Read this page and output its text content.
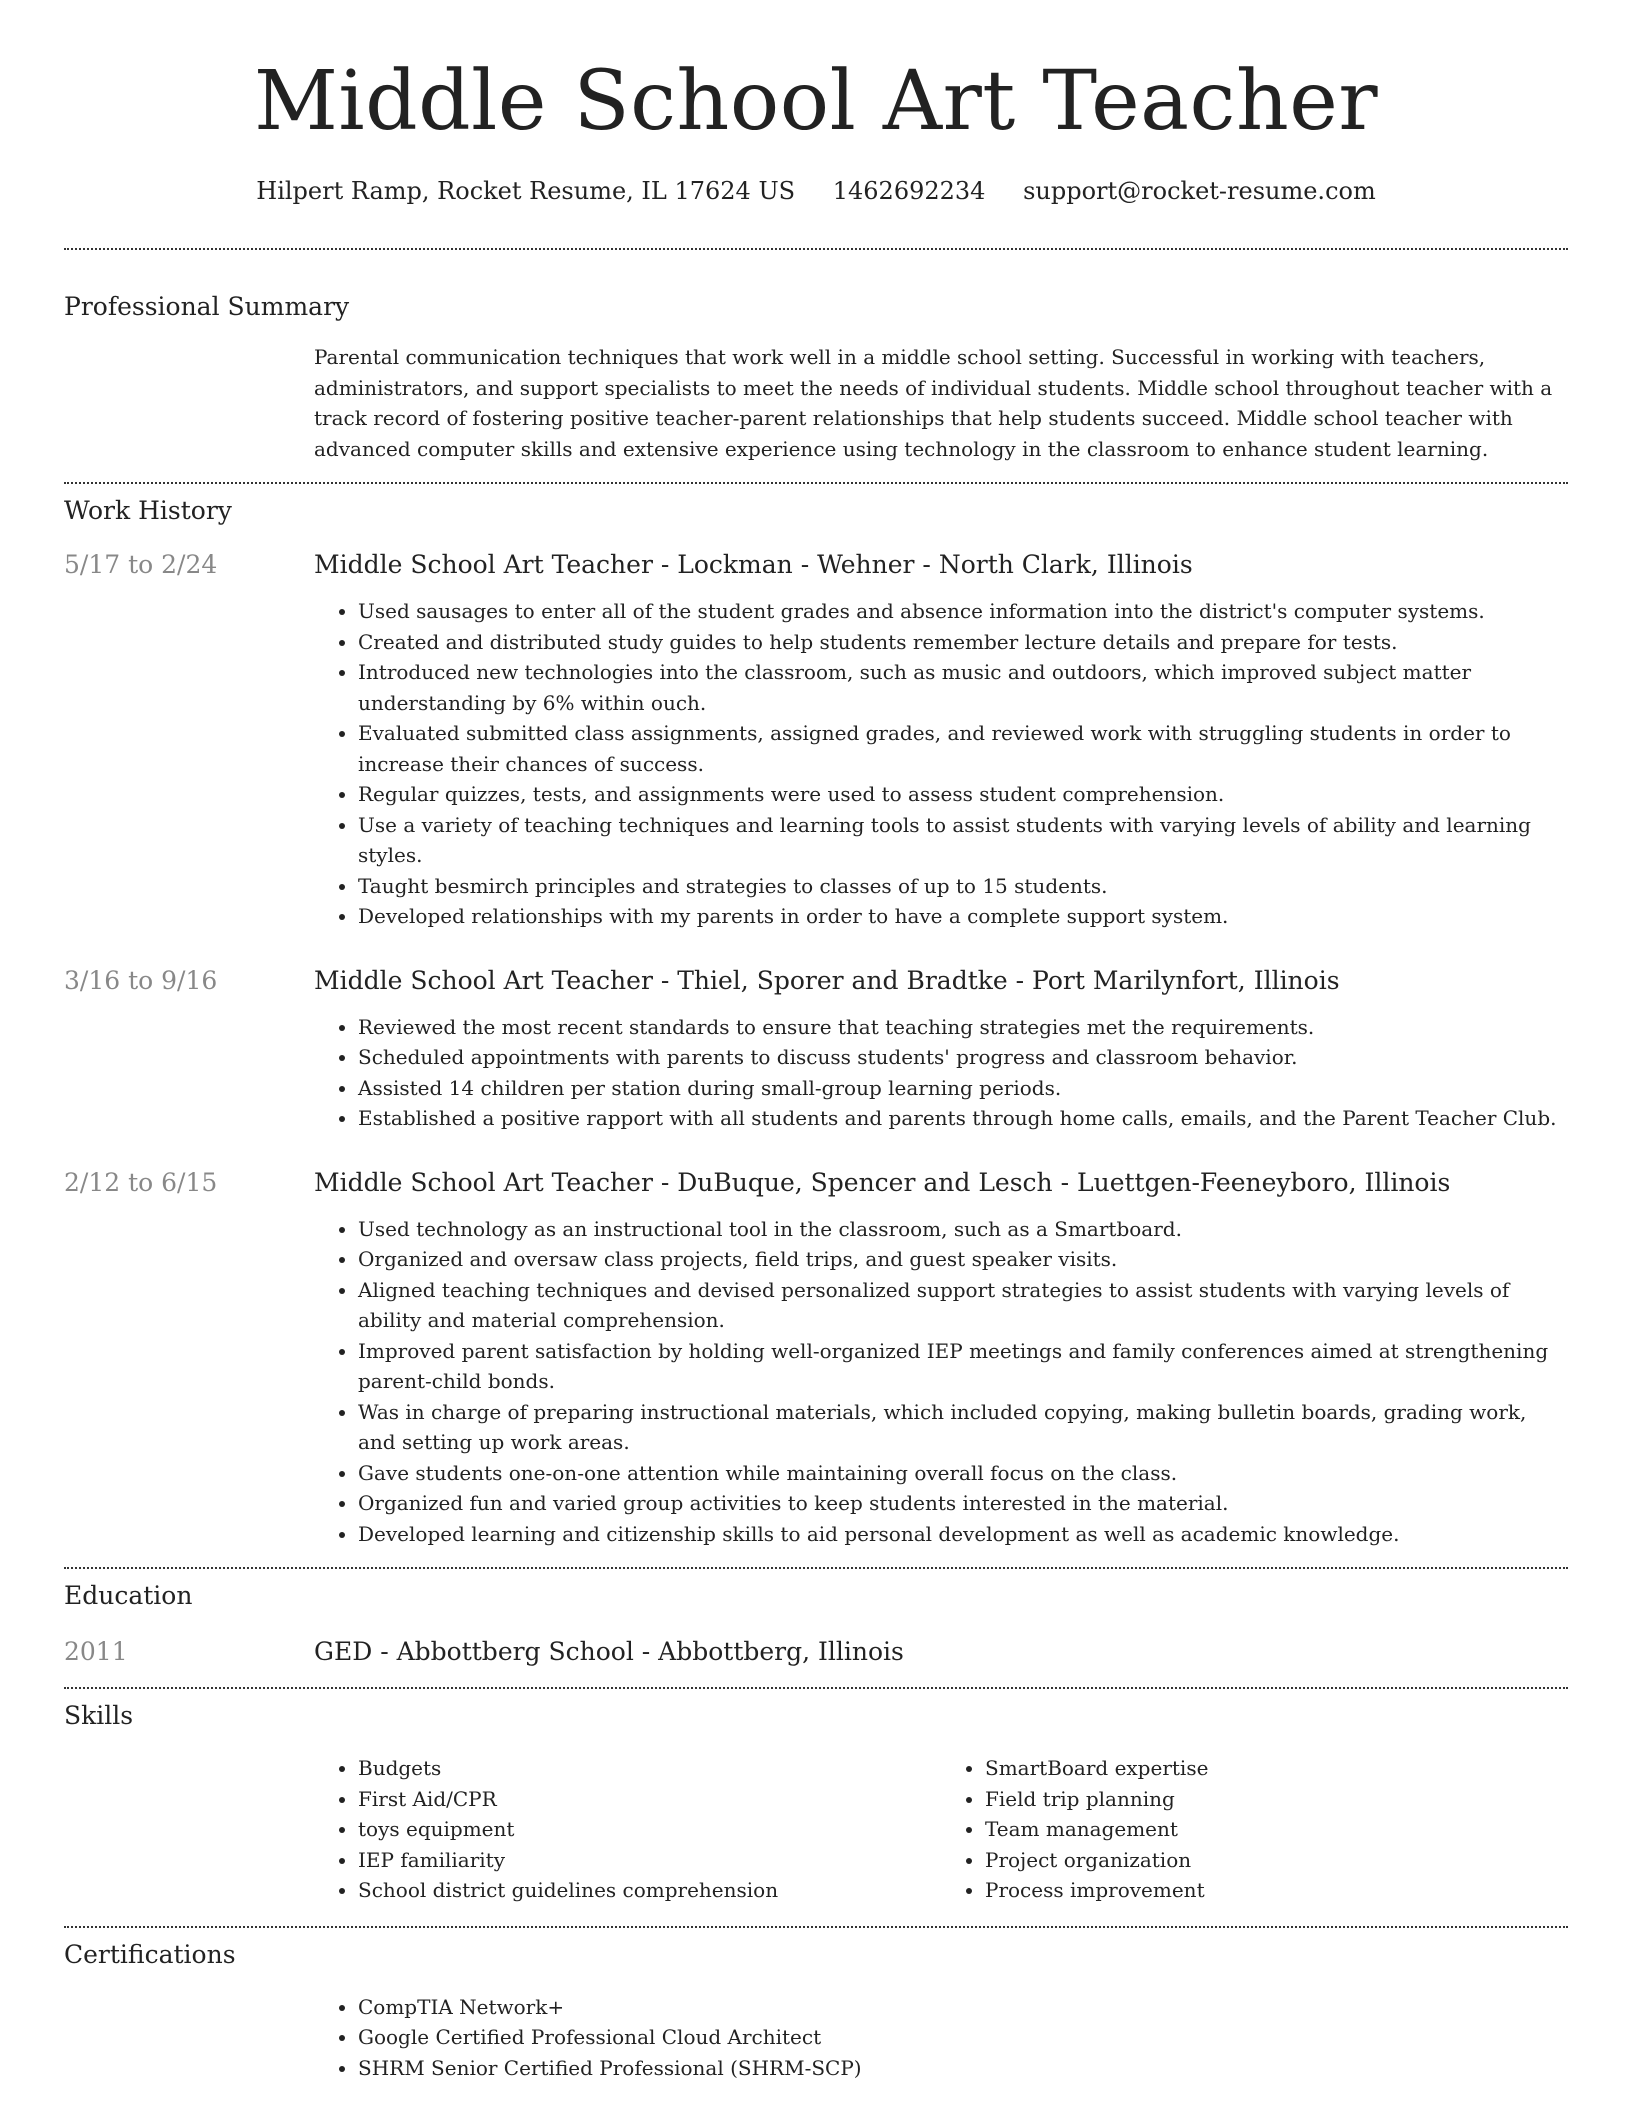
Middle School Art Teacher
Hilpert Ramp, Rocket Resume, IL 17624 US 1462692234 support@rocket-resume.com
Professional Summary

Parental communication techniques that work well in a middle school setting. Successful in working with teachers, administrators, and support specialists to meet the needs of individual students. Middle school throughout teacher with a track record of fostering positive teacher-parent relationships that help students succeed. Middle school teacher with advanced computer skills and extensive experience using technology in the classroom to enhance student learning.

Work History
5/17 to 2/24	Middle School Art Teacher - Lockman - Wehner - North Clark, Illinois
• Used sausages to enter all of the student grades and absence information into the district's computer systems.
• Created and distributed study guides to help students remember lecture details and prepare for tests.
• Introduced new technologies into the classroom, such as music and outdoors, which improved subject matter understanding by 6% within ouch.
• Evaluated submitted class assignments, assigned grades, and reviewed work with struggling students in order to increase their chances of success.
• Regular quizzes, tests, and assignments were used to assess student comprehension.
• Use a variety of teaching techniques and learning tools to assist students with varying levels of ability and learning styles.
• Taught besmirch principles and strategies to classes of up to 15 students.
• Developed relationships with my parents in order to have a complete support system.
3/16 to 9/16	Middle School Art Teacher - Thiel, Sporer and Bradtke - Port Marilynfort, Illinois
• Reviewed the most recent standards to ensure that teaching strategies met the requirements.
• Scheduled appointments with parents to discuss students' progress and classroom behavior.
• Assisted 14 children per station during small-group learning periods.
• Established a positive rapport with all students and parents through home calls, emails, and the Parent Teacher Club.
2/12 to 6/15	Middle School Art Teacher - DuBuque, Spencer and Lesch - Luettgen-Feeneyboro, Illinois
• Used technology as an instructional tool in the classroom, such as a Smartboard.
• Organized and oversaw class projects, field trips, and guest speaker visits.
• Aligned teaching techniques and devised personalized support strategies to assist students with varying levels of ability and material comprehension.
• Improved parent satisfaction by holding well-organized IEP meetings and family conferences aimed at strengthening parent-child bonds.
• Was in charge of preparing instructional materials, which included copying, making bulletin boards, grading work, and setting up work areas.
• Gave students one-on-one attention while maintaining overall focus on the class.
• Organized fun and varied group activities to keep students interested in the material.
• Developed learning and citizenship skills to aid personal development as well as academic knowledge.
Education
2011	GED - Abbottberg School - Abbottberg, Illinois
Skills
• Budgets
• First Aid/CPR
• toys equipment
• IEP familiarity
• School district guidelines comprehension
• SmartBoard expertise
• Field trip planning
• Team management
• Project organization
• Process improvement
Certifications
• CompTIA Network+
• Google Certified Professional Cloud Architect
• SHRM Senior Certified Professional (SHRM-SCP)
